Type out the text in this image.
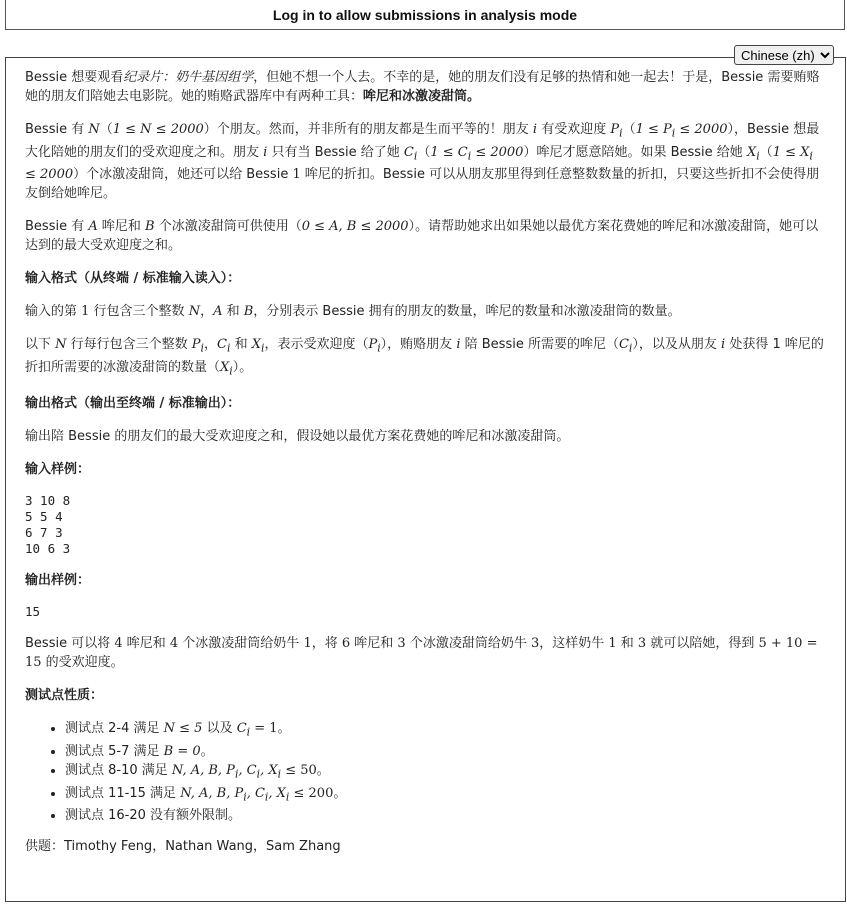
Log in to allow submissions in analysis mode
Chinese (zh)

Bessie 想要观看纪录片：奶牛基因组学，但她不想一个人去。不幸的是，她的朋友们没有足够的热情和她一起去！于是，Bessie 需要贿赂她的朋友们陪她去电影院。她的贿赂武器库中有两种工具：哞尼和冰激凌甜筒。

Bessie 有 N（1 ≤ N ≤ 2000）个朋友。然而，并非所有的朋友都是生而平等的！朋友 i 有受欢迎度 $P_i(1 \le P_i \le 2000)$，Bessie 想最大化陪她的朋友们的受欢迎度之和。朋友 i 只有当 Bessie 给了她 $C_i(1 \le C_i \le 2000)$哞尼才愿意陪她。如果 Bessie 给她 $X_i(1 \le X_i \le 2000)$个冰激凌甜筒，她还可以给 Bessie 1 哞尼的折扣。Bessie 可以从朋友那里得到任意整数数量的折扣，只要这些折扣不会使得朋友倒给她哞尼。

Bessie 有 A 哞尼和 B 个冰激凌甜筒可供使用（0 ≤ A, B ≤ 2000）。请帮助她求出如果她以最优方案花费她的哞尼和冰激凌甜筒，她可以达到的最大受欢迎度之和。

输入格式（从终端 / 标准输入读入）：

输入的第 1 行包含三个整数 N，A 和 B，分别表示 Bessie 拥有的朋友的数量，哞尼的数量和冰激凌甜筒的数量。

以下 N 行每行包含三个整数 $P_i$，$C_i$ 和 $X_i$，表示受欢迎度$(P_i)$，贿赂朋友 i 陪 Bessie 所需要的哞尼$(C_i)$，以及从朋友 i 处获得 1 哞尼的折扣所需要的冰激凌甜筒的数量$(X_i)$。

输出格式（输出至终端 / 标准输出）：

输出陪 Bessie 的朋友们的最大受欢迎度之和，假设她以最优方案花费她的哞尼和冰激凌甜筒。

输入样例：
3 10 8
5 5 4
6 7 3
10 6 3
输出样例：
15

Bessie 可以将 4 哞尼和 4 个冰激凌甜筒给奶牛 1，将 6 哞尼和 3 个冰激凌甜筒给奶牛 3，这样奶牛 1 和 3 就可以陪她，得到 5 + 10 = 15 的受欢迎度。

测试点性质：
• 测试点 2-4 满足 N ≤ 5 以及 $C_i = 1$。
• 测试点 5-7 满足 B = 0。
• 测试点 8-10 满足 N, A, B, $P_i$, $C_i$, $X_i \le 50$。
• 测试点 11-15 满足 N, A, B, $P_i$, $C_i$, $X_i \le 200$。
• 测试点 16-20 没有额外限制。

供题：Timothy Feng，Nathan Wang，Sam Zhang
